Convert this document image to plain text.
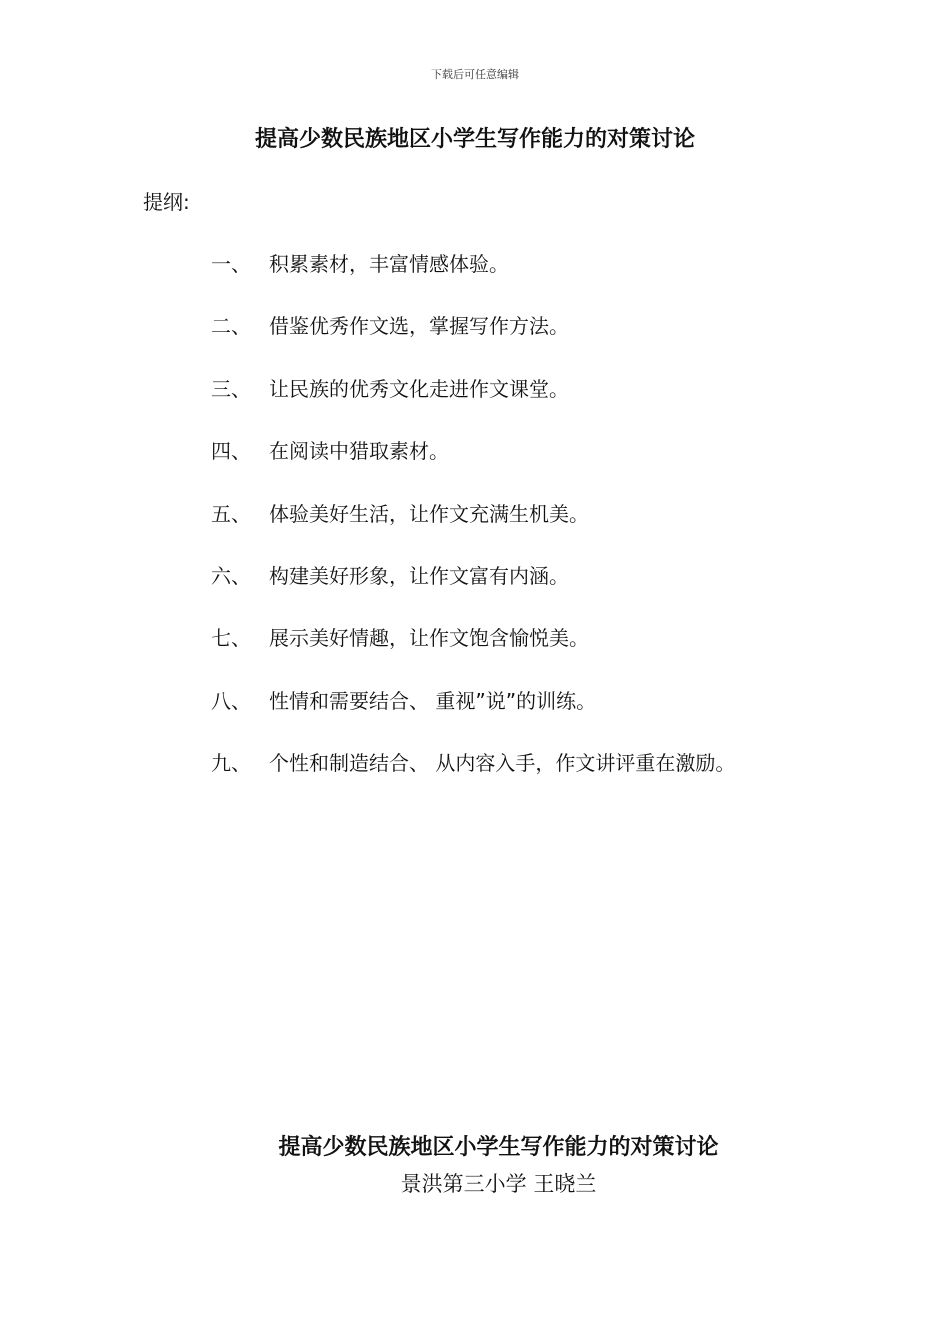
下载后可任意编辑
提高少数民族地区小学生写作能力的对策讨论
提纲:
一、 积累素材，丰富情感体验。
二、 借鉴优秀作文选，掌握写作方法。
三、 让民族的优秀文化走进作文课堂。
四、 在阅读中猎取素材。
五、 体验美好生活，让作文充满生机美。
六、 构建美好形象，让作文富有内涵。
七、 展示美好情趣，让作文饱含愉悦美。
八、 性情和需要结合、 重视”说”的训练。
九、 个性和制造结合、 从内容入手，作文讲评重在激励。
提高少数民族地区小学生写作能力的对策讨论
景洪第三小学 王晓兰
